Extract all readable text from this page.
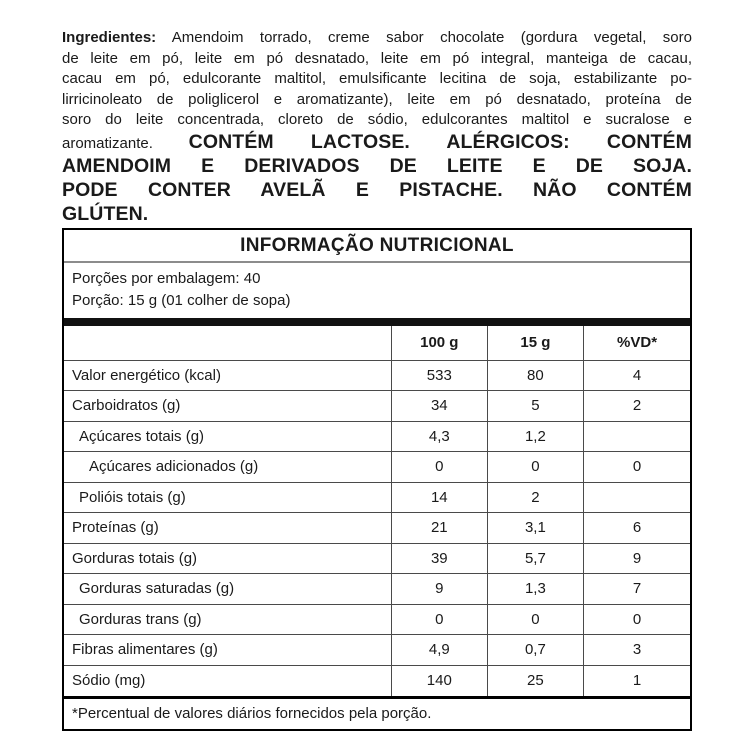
Ingredientes: Amendoim torrado, creme sabor chocolate (gordura vegetal, soro
de leite em pó, leite em pó desnatado, leite em pó integral, manteiga de cacau,
cacau em pó, edulcorante maltitol, emulsificante lecitina de soja, estabilizante po-
lirricinoleato de poliglicerol e aromatizante), leite em pó desnatado, proteína de
soro do leite concentrada, cloreto de sódio, edulcorantes maltitol e sucralose e
aromatizante. CONTÉM LACTOSE. ALÉRGICOS: CONTÉM
AMENDOIM E DERIVADOS DE LEITE E DE SOJA.
PODE CONTER AVELÃ E PISTACHE. NÃO CONTÉM
GLÚTEN.
INFORMAÇÃO NUTRICIONAL
Porções por embalagem: 40
Porção: 15 g (01 colher de sopa)
	100 g	15 g	%VD*
Valor energético (kcal)	533	80	4
Carboidratos (g)	34	5	2
Açúcares totais (g)	4,3	1,2	
Açúcares adicionados (g)	0	0	0
Polióis totais (g)	14	2	
Proteínas (g)	21	3,1	6
Gorduras totais (g)	39	5,7	9
Gorduras saturadas (g)	9	1,3	7
Gorduras trans (g)	0	0	0
Fibras alimentares (g)	4,9	0,7	3
Sódio (mg)	140	25	1
*Percentual de valores diários fornecidos pela porção.
